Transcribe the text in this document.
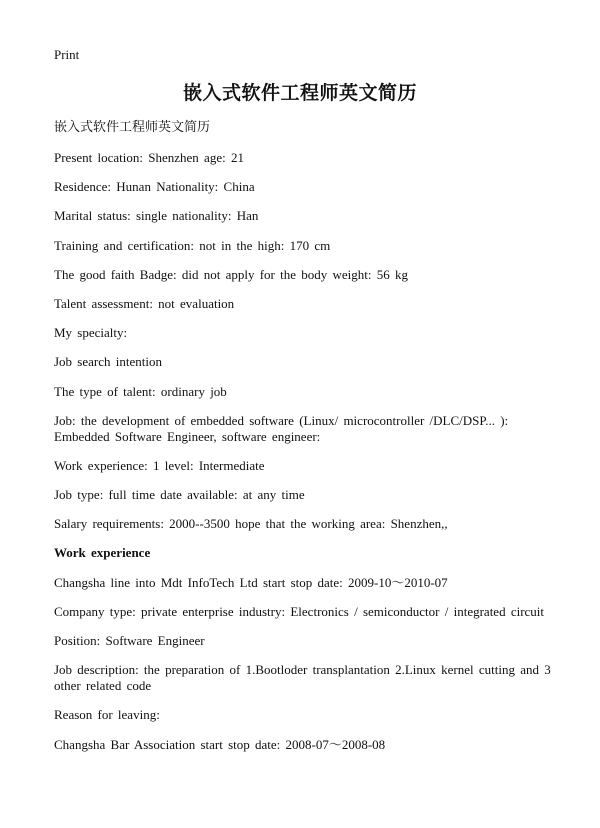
Print
嵌入式软件工程师英文简历

嵌入式软件工程师英文简历

Present location: Shenzhen age: 21

Residence: Hunan Nationality: China

Marital status: single nationality: Han

Training and certification: not in the high: 170 cm

The good faith Badge: did not apply for the body weight: 56 kg

Talent assessment: not evaluation

My specialty:

Job search intention

The type of talent: ordinary job

Job: the development of embedded software (Linux/ microcontroller /DLC/DSP... ): Embedded Software Engineer, software engineer:

Work experience: 1 level: Intermediate

Job type: full time date available: at any time

Salary requirements: 2000--3500 hope that the working area: Shenzhen,,

Work experience

Changsha line into Mdt InfoTech Ltd start stop date: 2009-10～2010-07

Company type: private enterprise industry: Electronics / semiconductor / integrated circuit

Position: Software Engineer

Job description: the preparation of 1.Bootloder transplantation 2.Linux kernel cutting and 3 other related code

Reason for leaving:

Changsha Bar Association start stop date: 2008-07～2008-08
